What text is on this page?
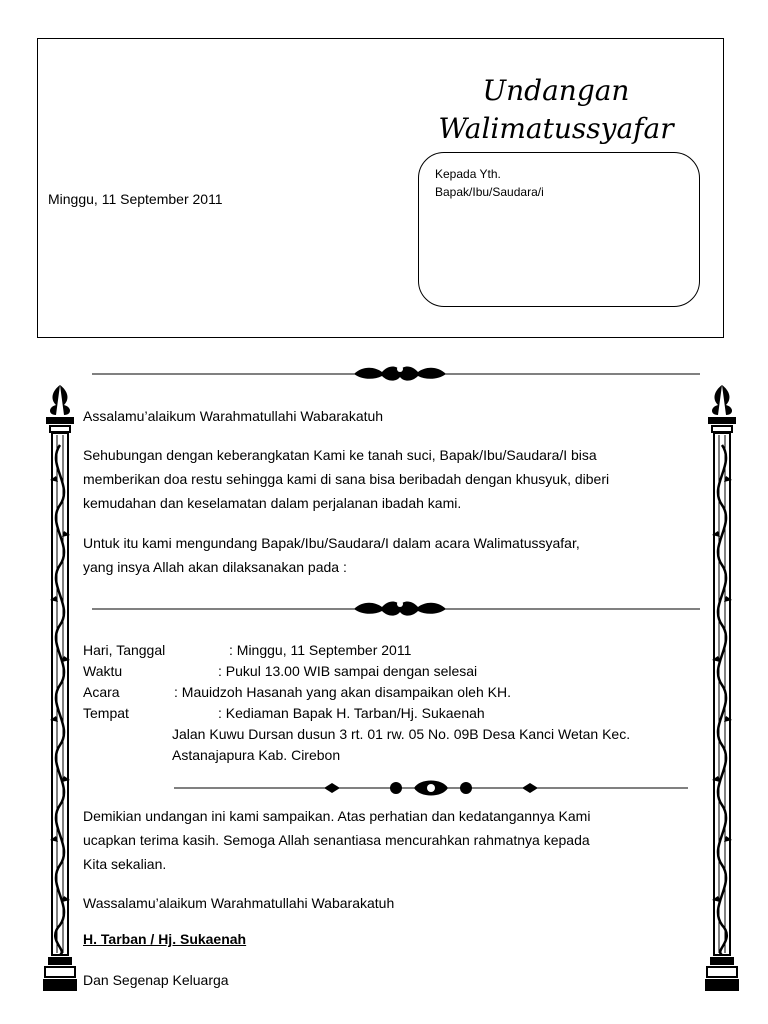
Undangan
Walimatussyafar
Minggu, 11 September 2011
Kepada Yth.
Bapak/Ibu/Saudara/i
Assalamu’alaikum Warahmatullahi Wabarakatuh
Sehubungan dengan keberangkatan Kami ke tanah suci, Bapak/Ibu/Saudara/I bisa
memberikan doa restu sehingga kami di sana bisa beribadah dengan khusyuk, diberi
kemudahan dan keselamatan dalam perjalanan ibadah kami.
Untuk itu kami mengundang Bapak/Ibu/Saudara/I dalam acara Walimatussyafar,
yang insya Allah akan dilaksanakan pada :
Hari, Tanggal	: Minggu, 11 September 2011
Waktu	: Pukul 13.00 WIB sampai dengan selesai
Acara	: Mauidzoh Hasanah yang akan disampaikan oleh KH.
Tempat	: Kediaman Bapak H. Tarban/Hj. Sukaenah
Jalan Kuwu Dursan dusun 3 rt. 01 rw. 05 No. 09B Desa Kanci Wetan Kec.
Astanajapura Kab. Cirebon
Demikian undangan ini kami sampaikan. Atas perhatian dan kedatangannya Kami
ucapkan terima kasih. Semoga Allah senantiasa mencurahkan rahmatnya kepada
Kita sekalian.
Wassalamu’alaikum Warahmatullahi Wabarakatuh
H. Tarban / Hj. Sukaenah
Dan Segenap Keluarga
